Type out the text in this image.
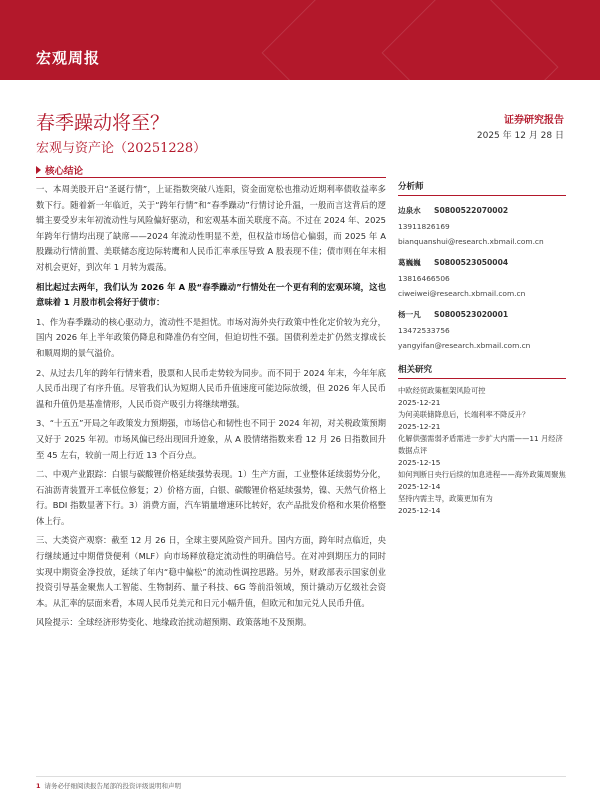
宏观周报
春季躁动将至？
宏观与资产论（20251228）
证券研究报告
2025 年 12 月 28 日
核心结论

一、本周美股开启“圣诞行情”，上证指数突破八连阳，资金面宽松也推动近期利率债收益率多数下行。随着新一年临近，关于“跨年行情”和“春季躁动”行情讨论升温，一般而言这背后的逻辑主要受岁末年初流动性与风险偏好驱动，和宏观基本面关联度不高。不过在 2024 年、2025 年跨年行情均出现了缺席——2024 年流动性明显不差，但权益市场信心偏弱，而 2025 年 A 股躁动行情前置、美联储态度边际转鹰和人民币汇率承压导致 A 股表现不佳；债市则在年末相对机会更好，到次年 1 月转为震荡。

相比起过去两年，我们认为 2026 年 A 股“春季躁动”行情处在一个更有利的宏观环境，这也意味着 1 月股市机会将好于债市：

1、作为春季躁动的核心驱动力，流动性不是担忧。市场对海外央行政策中性化定价较为充分，国内 2026 年上半年政策仍降息和降准仍有空间，但迫切性不强。国债利差走扩仍然支撑成长和顺周期的景气溢价。

2、从过去几年的跨年行情来看，股票和人民币走势较为同步。而不同于 2024 年末，今年年底人民币出现了有序升值。尽管我们认为短期人民币升值速度可能边际放缓，但 2026 年人民币温和升值仍是基准情形，人民币资产吸引力将继续增强。

3、“十五五”开局之年政策发力预期强，市场信心和韧性也不同于 2024 年初，对关税政策预期又好于 2025 年初。市场风偏已经出现回升迹象，从 A 股情绪指数来看 12 月 26 日指数回升至 45 左右，较前一周上行近 13 个百分点。

二、中观产业跟踪：白银与碳酸锂价格延续强势表现。1）生产方面，工业整体延续弱势分化，石油沥青装置开工率低位修复；2）价格方面，白银、碳酸锂价格延续强势，镍、天然气价格上行。BDI 指数显著下行。3）消费方面，汽车销量增速环比转好，农产品批发价格和水果价格整体上行。

三、大类资产观察：截至 12 月 26 日，全球主要风险资产回升。国内方面，跨年时点临近，央行继续通过中期借贷便利（MLF）向市场释放稳定流动性的明确信号。在对冲到期压力的同时实现中期资金净投放，延续了年内“稳中偏松”的流动性调控思路。另外，财政部表示国家创业投资引导基金聚焦人工智能、生物制药、量子科技、6G 等前沿领域，预计撬动万亿级社会资本。从汇率的层面来看，本周人民币兑美元和日元小幅升值，但欧元和加元兑人民币升值。

风险提示：全球经济形势变化、地缘政治扰动超预期、政策落地不及预期。

分析师
边泉水	S0800522070002
13911826169
bianquanshui@research.xbmail.com.cn
葛巍巍	S0800523050004
13816466506
ciweiwei@research.xbmail.com.cn
杨一凡	S0800523020001
13472533756
yangyifan@research.xbmail.com.cn
相关研究
中欧经贸政策框架风险可控
2025-12-21
为何美联储降息后，长端利率不降反升？
2025-12-21
化解供强需弱矛盾需进一步扩大内需——11 月经济数据点评
2025-12-15
如何判断日央行后续的加息进程——海外政策周聚焦
2025-12-14
坚持内需主导，政策更加有为
2025-12-14
1 请务必仔细阅读报告尾部的投资评级说明和声明
